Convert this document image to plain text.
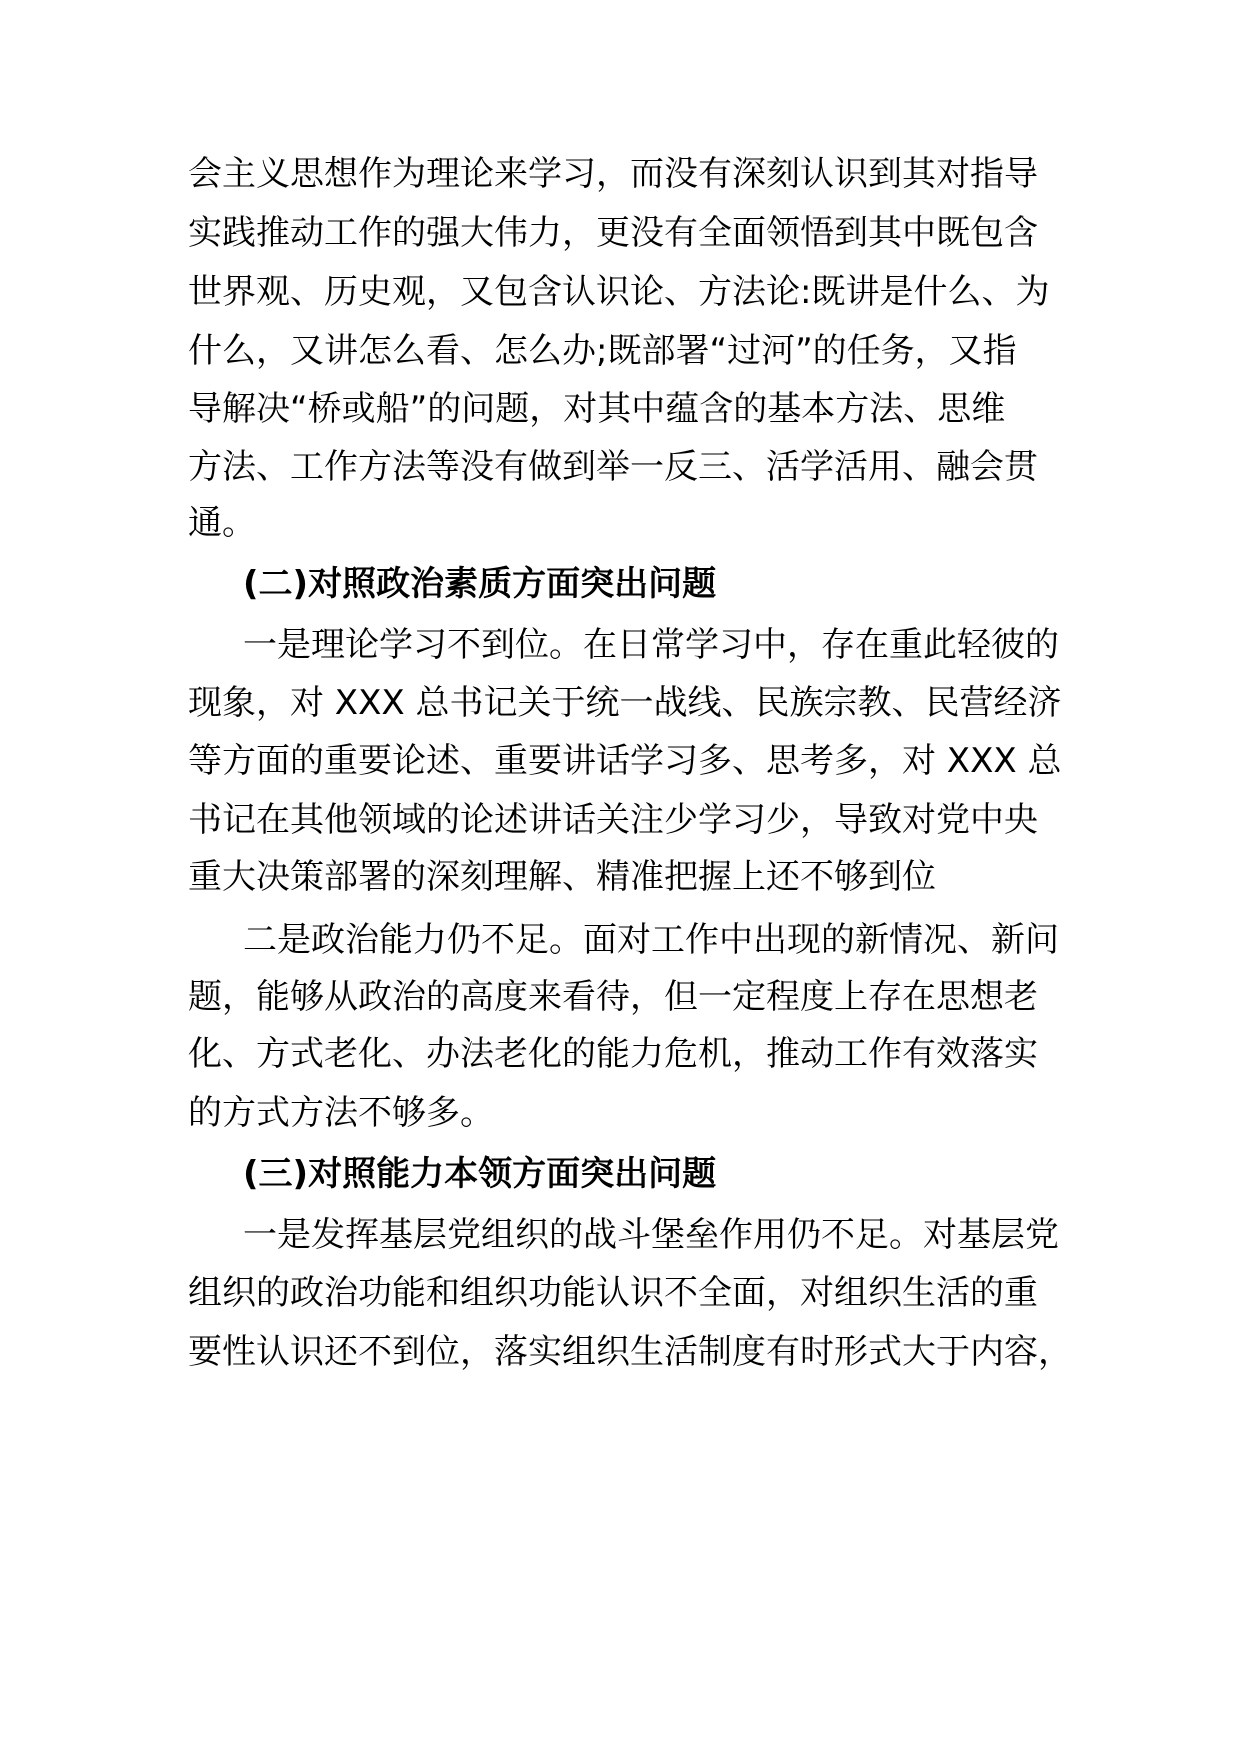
会主义思想作为理论来学习，而没有深刻认识到其对指导
实践推动工作的强大伟力，更没有全面领悟到其中既包含
世界观、历史观，又包含认识论、方法论:既讲是什么、为
什么，又讲怎么看、怎么办;既部署“过河”的任务，又指
导解决“桥或船”的问题，对其中蕴含的基本方法、思维
方法、工作方法等没有做到举一反三、活学活用、融会贯
通。
(二)对照政治素质方面突出问题
一是理论学习不到位。在日常学习中，存在重此轻彼的
现象，对 XXX 总书记关于统一战线、民族宗教、民营经济
等方面的重要论述、重要讲话学习多、思考多，对 XXX 总
书记在其他领域的论述讲话关注少学习少，导致对党中央
重大决策部署的深刻理解、精准把握上还不够到位
二是政治能力仍不足。面对工作中出现的新情况、新问
题，能够从政治的高度来看待，但一定程度上存在思想老
化、方式老化、办法老化的能力危机，推动工作有效落实
的方式方法不够多。
(三)对照能力本领方面突出问题
一是发挥基层党组织的战斗堡垒作用仍不足。对基层党
组织的政治功能和组织功能认识不全面，对组织生活的重
要性认识还不到位，落实组织生活制度有时形式大于内容，
